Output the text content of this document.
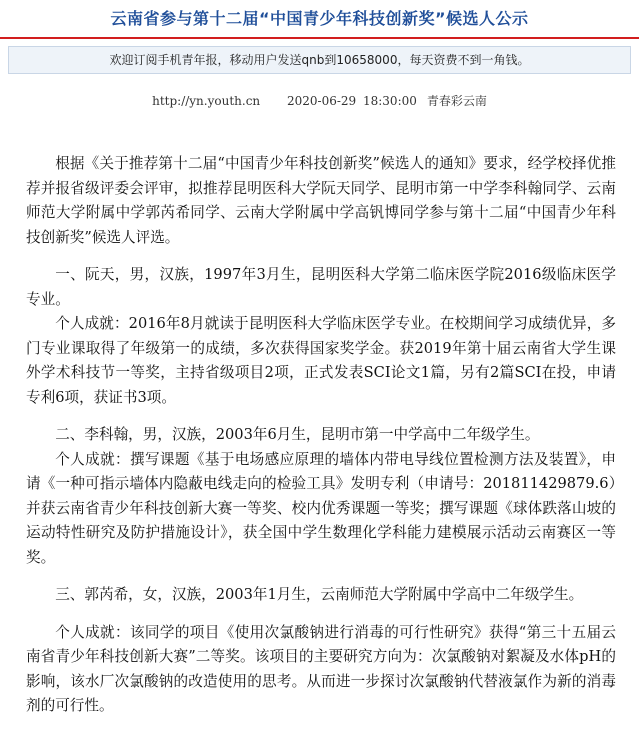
云南省参与第十二届“中国青少年科技创新奖”候选人公示
欢迎订阅手机青年报，移动用户发送qnb到10658000，每天资费不到一角钱。
http://yn.youth.cn 2020-06-29 18:30:00 青春彩云南

根据《关于推荐第十二届“中国青少年科技创新奖”候选人的通知》要求，经学校择优推荐并报省级评委会评审，拟推荐昆明医科大学阮天同学、昆明市第一中学李科翰同学、云南师范大学附属中学郭芮希同学、云南大学附属中学高钒博同学参与第十二届“中国青少年科技创新奖”候选人评选。

一、阮天，男，汉族，1997年3月生，昆明医科大学第二临床医学院2016级临床医学专业。

个人成就：2016年8月就读于昆明医科大学临床医学专业。在校期间学习成绩优异，多门专业课取得了年级第一的成绩，多次获得国家奖学金。获2019年第十届云南省大学生课外学术科技节一等奖，主持省级项目2项，正式发表SCI论文1篇，另有2篇SCI在投，申请专利6项，获证书3项。

二、李科翰，男，汉族，2003年6月生，昆明市第一中学高中二年级学生。

个人成就：撰写课题《基于电场感应原理的墙体内带电导线位置检测方法及装置》，申请《一种可指示墙体内隐蔽电线走向的检验工具》发明专利（申请号：201811429879.6）并获云南省青少年科技创新大赛一等奖、校内优秀课题一等奖；撰写课题《球体跌落山坡的运动特性研究及防护措施设计》，获全国中学生数理化学科能力建模展示活动云南赛区一等奖。

三、郭芮希，女，汉族，2003年1月生，云南师范大学附属中学高中二年级学生。

个人成就：该同学的项目《使用次氯酸钠进行消毒的可行性研究》获得“第三十五届云南省青少年科技创新大赛”二等奖。该项目的主要研究方向为：次氯酸钠对絮凝及水体pH的影响，该水厂次氯酸钠的改造使用的思考。从而进一步探讨次氯酸钠代替液氯作为新的消毒剂的可行性。
